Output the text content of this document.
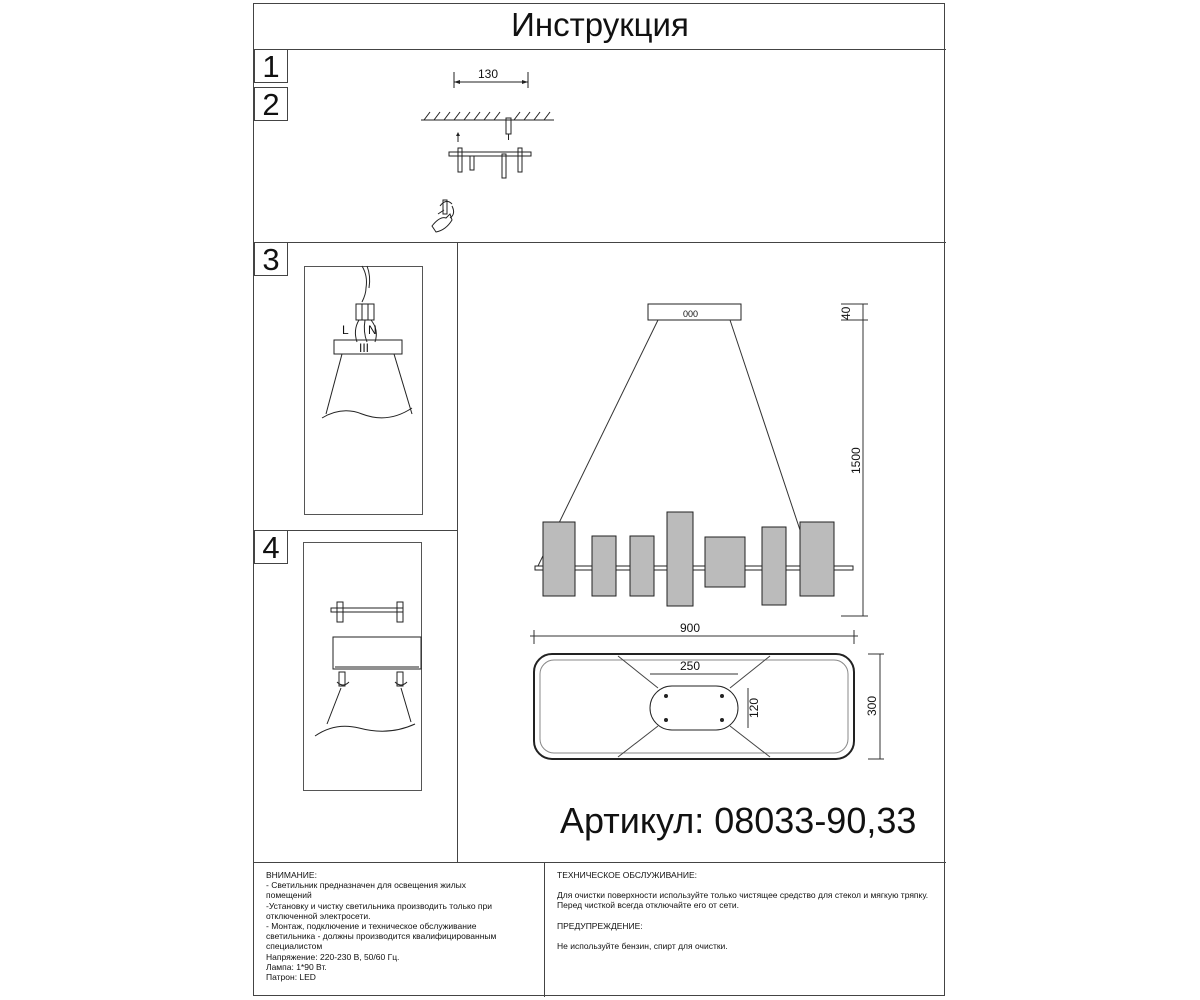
Инструкция
1
2
130
3
L N
III
4
000	40
1500
900
250
120	300
ВНИМАНИЕ:
- Светильник предназначен для освещения жилых
помещений
-Установку и чистку светильника производить только при
отключенной электросети.
- Монтаж, подключение и техническое обслуживание
светильника - должны производится квалифицированным
специалистом
Напряжение: 220-230 В, 50/60 Гц.
Лампа: 1*90 Вт.
Патрон: LED
ТЕХНИЧЕСКОЕ ОБСЛУЖИВАНИЕ:
Для очистки поверхности используйте только чистящее средство для стекол и мягкую тряпку.
Перед чисткой всегда отключайте его от сети.
ПРЕДУПРЕЖДЕНИЕ:
Не используйте бензин, спирт для очистки.
Артикул: 08033-90,33
